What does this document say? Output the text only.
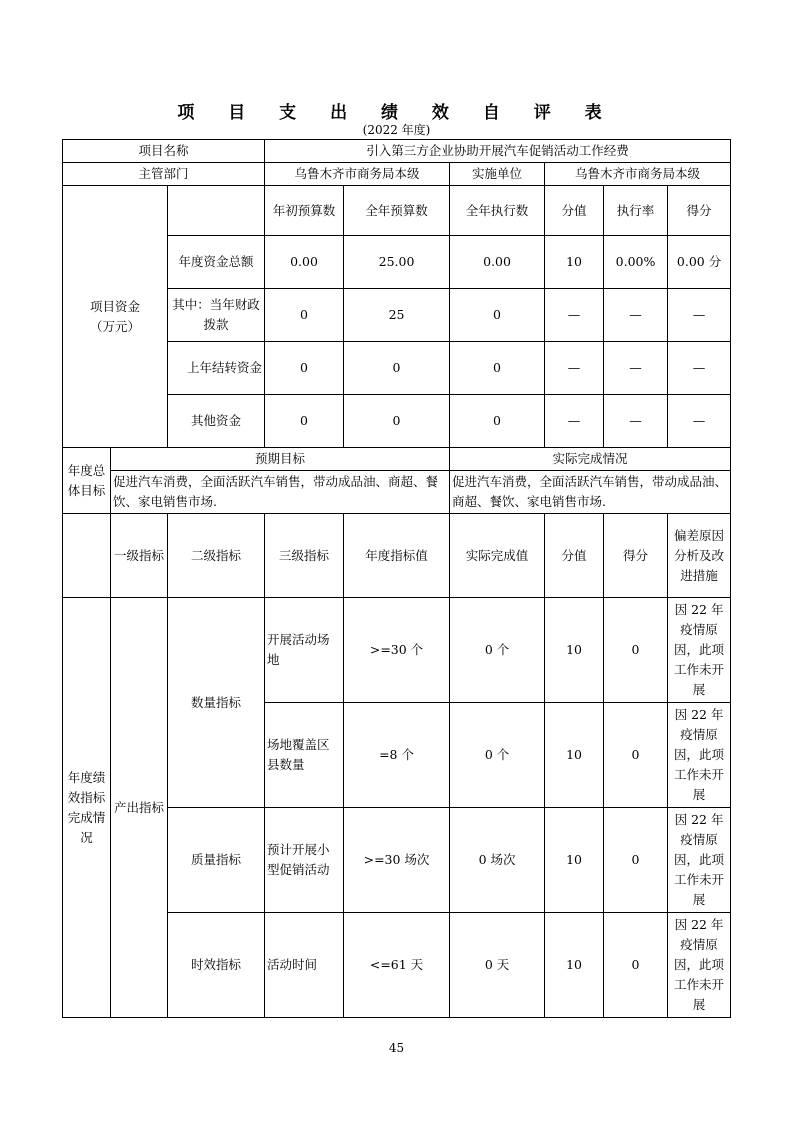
项 目 支 出 绩 效 自 评 表
(2022 年度)
项目名称			引入第三方企业协助开展汽车促销活动工作经费					
主管部门			乌鲁木齐市商务局本级		实施单位	乌鲁木齐市商务局本级		
项目资金
（万元）			年初预算数	全年预算数	全年执行数	分值	执行率	得分
		年度资金总额	0.00	25.00	0.00	10	0.00%	0.00 分
		其中：当年财政拨款	0	25	0	—	—	—
		上年结转资金	0	0	0	—	—	—
		其他资金	0	0	0	—	—	—
年度总体目标	预期目标				实际完成情况			
	促进汽车消费，全面活跃汽车销售，带动成品油、商超、餐饮、家电销售市场.				促进汽车消费，全面活跃汽车销售，带动成品油、商超、餐饮、家电销售市场.			
	一级指标	二级指标	三级指标	年度指标值	实际完成值	分值	得分	偏差原因分析及改进措施
年度绩效指标完成情况	产出指标	数量指标	开展活动场地	>=30 个	0 个	10	0	因 22 年疫情原因，此项工作未开展
			场地覆盖区县数量	=8 个	0 个	10	0	因 22 年疫情原因，此项工作未开展
		质量指标	预计开展小型促销活动	>=30 场次	0 场次	10	0	因 22 年疫情原因，此项工作未开展
		时效指标	活动时间	<=61 天	0 天	10	0	因 22 年疫情原因，此项工作未开展
45
